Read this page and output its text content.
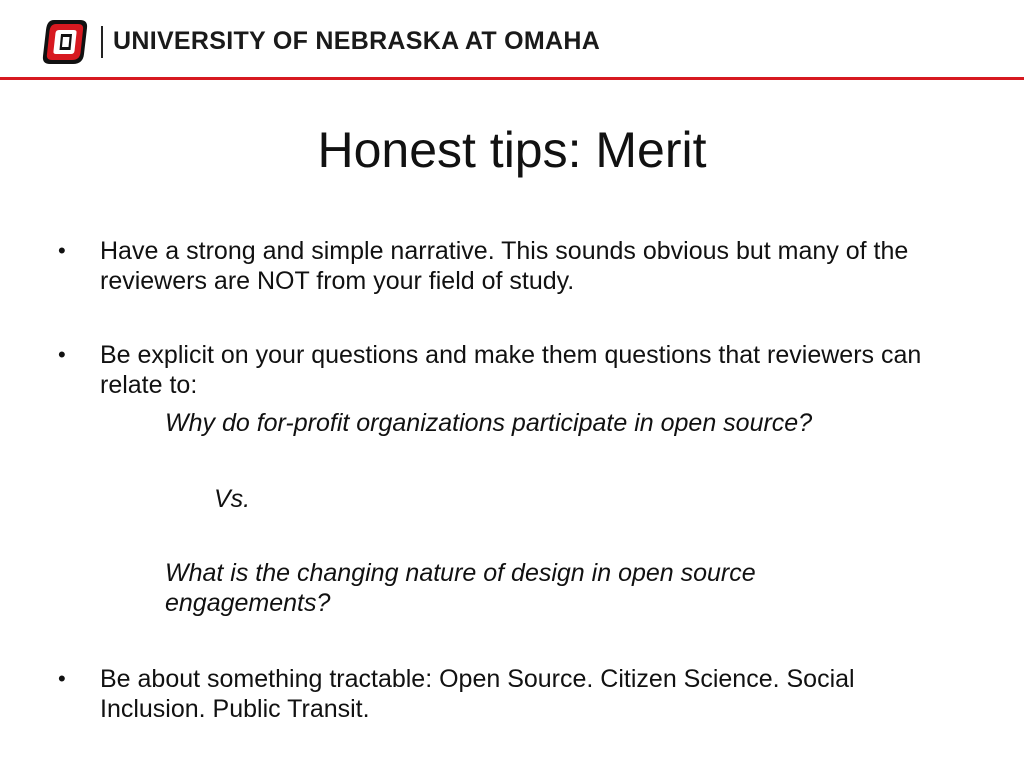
UNIVERSITY OF NEBRASKA AT OMAHA
Honest tips: Merit
•	Have a strong and simple narrative. This sounds obvious but many of the reviewers are NOT from your field of study.
•	Be explicit on your questions and make them questions that reviewers can relate to:
Why do for-profit organizations participate in open source?
Vs.
What is the changing nature of design in open source engagements?
•	Be about something tractable: Open Source. Citizen Science. Social Inclusion. Public Transit.
